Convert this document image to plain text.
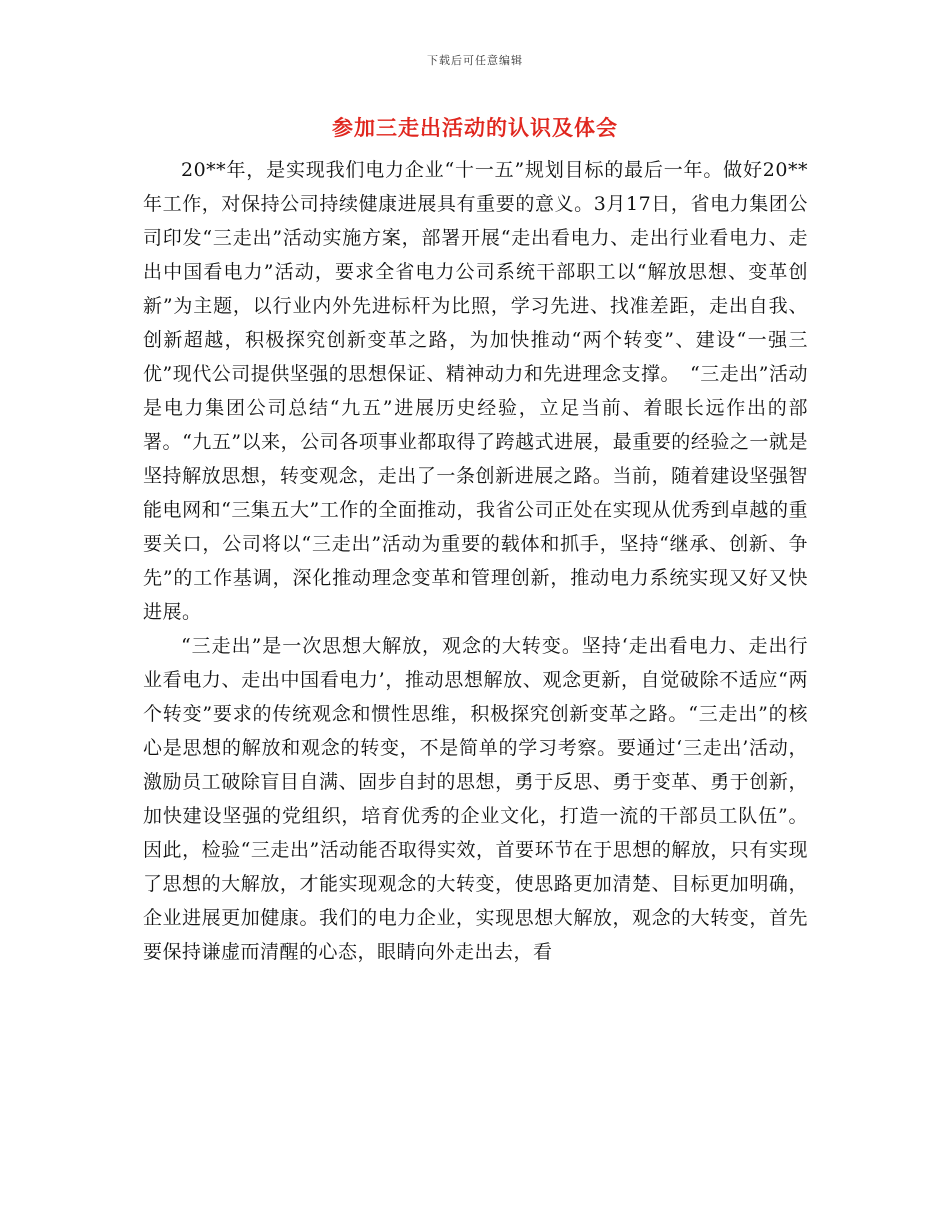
下载后可任意编辑
参加三走出活动的认识及体会

20**年，是实现我们电力企业“十一五”规划目标的最后一年。做好20**年工作，对保持公司持续健康进展具有重要的意义。3月17日，省电力集团公司印发“三走出”活动实施方案，部署开展“走出看电力、走出行业看电力、走出中国看电力”活动，要求全省电力公司系统干部职工以“解放思想、变革创新”为主题，以行业内外先进标杆为比照，学习先进、找准差距，走出自我、创新超越，积极探究创新变革之路，为加快推动“两个转变”、建设“一强三优”现代公司提供坚强的思想保证、精神动力和先进理念支撑。　“三走出”活动是电力集团公司总结“九五”进展历史经验，立足当前、着眼长远作出的部署。“九五”以来，公司各项事业都取得了跨越式进展，最重要的经验之一就是坚持解放思想，转变观念，走出了一条创新进展之路。当前，随着建设坚强智能电网和“三集五大”工作的全面推动，我省公司正处在实现从优秀到卓越的重要关口，公司将以“三走出”活动为重要的载体和抓手，坚持“继承、创新、争先”的工作基调，深化推动理念变革和管理创新，推动电力系统实现又好又快进展。

“三走出”是一次思想大解放，观念的大转变。坚持‘走出看电力、走出行业看电力、走出中国看电力’，推动思想解放、观念更新，自觉破除不适应“两个转变”要求的传统观念和惯性思维，积极探究创新变革之路。“三走出”的核心是思想的解放和观念的转变，不是简单的学习考察。要通过‘三走出’活动，激励员工破除盲目自满、固步自封的思想，勇于反思、勇于变革、勇于创新，加快建设坚强的党组织，培育优秀的企业文化，打造一流的干部员工队伍”。因此，检验“三走出”活动能否取得实效，首要环节在于思想的解放，只有实现了思想的大解放，才能实现观念的大转变，使思路更加清楚、目标更加明确，企业进展更加健康。我们的电力企业，实现思想大解放，观念的大转变，首先要保持谦虚而清醒的心态，眼睛向外走出去，看
